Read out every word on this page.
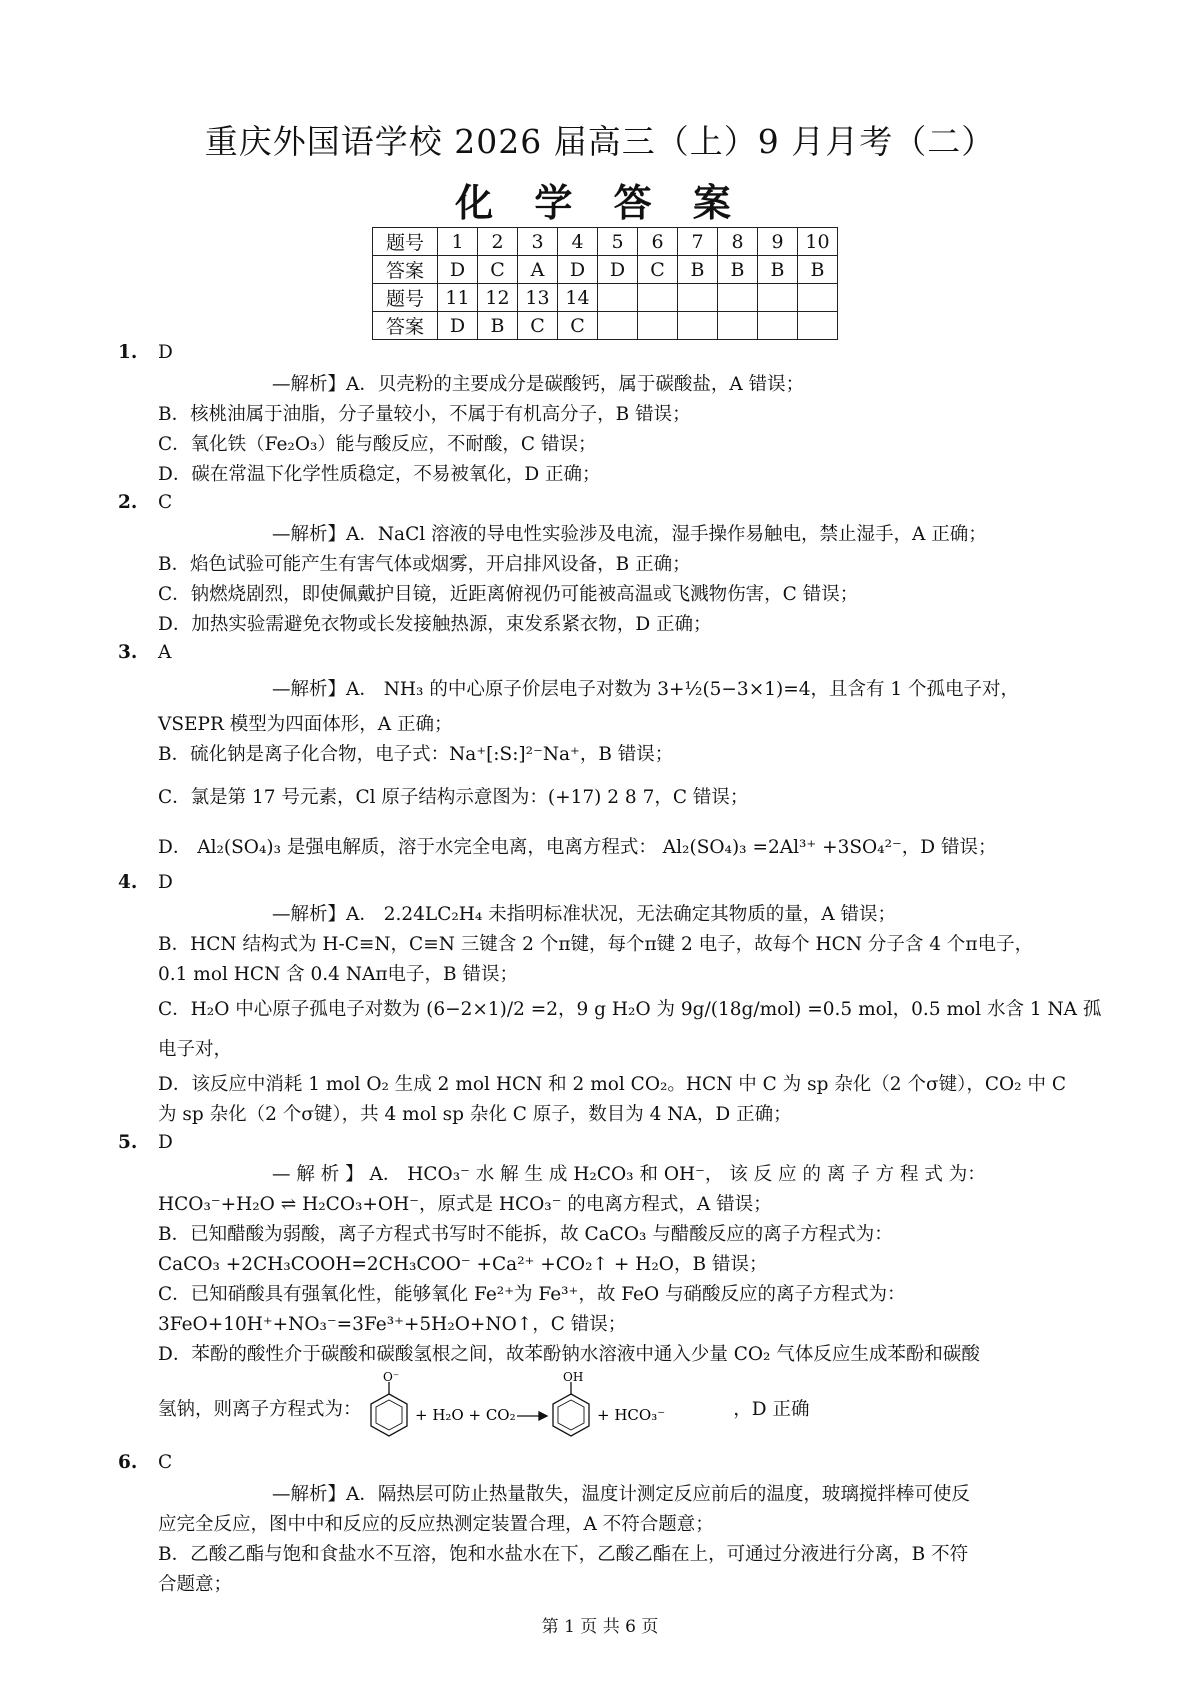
重庆外国语学校 2026 届高三（上）9 月月考（二）
化 学 答 案
题号	1	2	3	4	5	6	7	8	9	10
答案	D	C	A	D	D	C	B	B	B	B
题号	11	12	13	14						
答案	D	B	C	C						
1. D
—解析】A．贝壳粉的主要成分是碳酸钙，属于碳酸盐，A 错误；
B．核桃油属于油脂，分子量较小，不属于有机高分子，B 错误；
C．氧化铁（Fe₂O₃）能与酸反应，不耐酸，C 错误；
D．碳在常温下化学性质稳定，不易被氧化，D 正确；
2. C
—解析】A．NaCl 溶液的导电性实验涉及电流，湿手操作易触电，禁止湿手，A 正确；
B．焰色试验可能产生有害气体或烟雾，开启排风设备，B 正确；
C．钠燃烧剧烈，即使佩戴护目镜，近距离俯视仍可能被高温或飞溅物伤害，C 错误；
D．加热实验需避免衣物或长发接触热源，束发系紧衣物，D 正确；
3. A
—解析】A． NH₃ 的中心原子价层电子对数为 3+½(5−3×1)=4，且含有 1 个孤电子对，
VSEPR 模型为四面体形，A 正确；
B．硫化钠是离子化合物，电子式：Na⁺[:S:]²⁻Na⁺，B 错误；
C．氯是第 17 号元素，Cl 原子结构示意图为：(+17) 2 8 7，C 错误；
D． Al₂(SO₄)₃ 是强电解质，溶于水完全电离，电离方程式： Al₂(SO₄)₃ =2Al³⁺ +3SO₄²⁻，D 错误；
4. D
—解析】A． 2.24LC₂H₄ 未指明标准状况，无法确定其物质的量，A 错误；
B．HCN 结构式为 H-C≡N，C≡N 三键含 2 个π键，每个π键 2 电子，故每个 HCN 分子含 4 个π电子，
0.1 mol HCN 含 0.4 NAπ电子，B 错误；
C．H₂O 中心原子孤电子对数为 (6−2×1)/2 =2，9 g H₂O 为 9g/(18g/mol) =0.5 mol，0.5 mol 水含 1 NA 孤电子对，
D．该反应中消耗 1 mol O₂ 生成 2 mol HCN 和 2 mol CO₂。HCN 中 C 为 sp 杂化（2 个σ键），CO₂ 中 C
为 sp 杂化（2 个σ键），共 4 mol sp 杂化 C 原子，数目为 4 NA，D 正确；
5. D
— 解 析 】 A． HCO₃⁻ 水 解 生 成 H₂CO₃ 和 OH⁻， 该 反 应 的 离 子 方 程 式 为：
HCO₃⁻+H₂O ⇌ H₂CO₃+OH⁻，原式是 HCO₃⁻ 的电离方程式，A 错误；
B．已知醋酸为弱酸，离子方程式书写时不能拆，故 CaCO₃ 与醋酸反应的离子方程式为：
CaCO₃ +2CH₃COOH=2CH₃COO⁻ +Ca²⁺ +CO₂↑ + H₂O，B 错误；
C．已知硝酸具有强氧化性，能够氧化 Fe²⁺为 Fe³⁺，故 FeO 与硝酸反应的离子方程式为：
3FeO+10H⁺+NO₃⁻=3Fe³⁺+5H₂O+NO↑，C 错误；
D．苯酚的酸性介于碳酸和碳酸氢根之间，故苯酚钠水溶液中通入少量 CO₂ 气体反应生成苯酚和碳酸
氢钠，则离子方程式为：
O⁻
+ H₂O + CO₂
OH
+ HCO₃⁻	，D 正确
6. C
—解析】A．隔热层可防止热量散失，温度计测定反应前后的温度，玻璃搅拌棒可使反
应完全反应，图中中和反应的反应热测定装置合理，A 不符合题意；
B．乙酸乙酯与饱和食盐水不互溶，饱和水盐水在下，乙酸乙酯在上，可通过分液进行分离，B 不符
合题意；
第 1 页 共 6 页
